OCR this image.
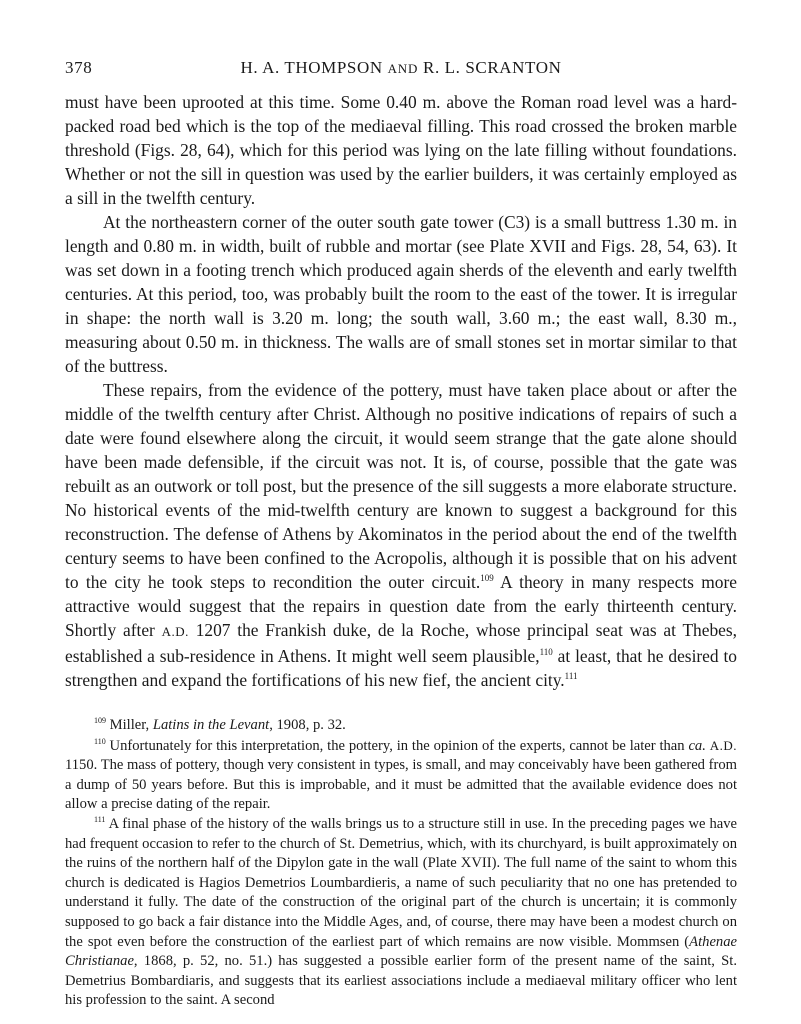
378	H. A. THOMPSON AND R. L. SCRANTON

must have been uprooted at this time. Some 0.40 m. above the Roman road level was a hard-packed road bed which is the top of the mediaeval filling. This road crossed the broken marble threshold (Figs. 28, 64), which for this period was lying on the late filling without foundations. Whether or not the sill in question was used by the earlier builders, it was certainly employed as a sill in the twelfth century.

At the northeastern corner of the outer south gate tower (C3) is a small buttress 1.30 m. in length and 0.80 m. in width, built of rubble and mortar (see Plate XVII and Figs. 28, 54, 63). It was set down in a footing trench which produced again sherds of the eleventh and early twelfth centuries. At this period, too, was probably built the room to the east of the tower. It is irregular in shape: the north wall is 3.20 m. long; the south wall, 3.60 m.; the east wall, 8.30 m., measuring about 0.50 m. in thickness. The walls are of small stones set in mortar similar to that of the buttress.

These repairs, from the evidence of the pottery, must have taken place about or after the middle of the twelfth century after Christ. Although no positive indications of repairs of such a date were found elsewhere along the circuit, it would seem strange that the gate alone should have been made defensible, if the circuit was not. It is, of course, possible that the gate was rebuilt as an outwork or toll post, but the presence of the sill suggests a more elaborate structure. No historical events of the mid-twelfth century are known to suggest a background for this reconstruction. The defense of Athens by Akominatos in the period about the end of the twelfth century seems to have been confined to the Acropolis, although it is possible that on his advent to the city he took steps to recondition the outer circuit.$^{109}$ A theory in many respects more attractive would suggest that the repairs in question date from the early thirteenth century. Shortly after A.D. 1207 the Frankish duke, de la Roche, whose principal seat was at Thebes, established a sub-residence in Athens. It might well seem plausible,$^{110}$ at least, that he desired to strengthen and expand the fortifications of his new fief, the ancient city.$^{111}$

$^{109}$ Miller, Latins in the Levant, 1908, p. 32.

$^{110}$ Unfortunately for this interpretation, the pottery, in the opinion of the experts, cannot be later than ca. A.D. 1150. The mass of pottery, though very consistent in types, is small, and may conceivably have been gathered from a dump of 50 years before. But this is improbable, and it must be admitted that the available evidence does not allow a precise dating of the repair.

$^{111}$ A final phase of the history of the walls brings us to a structure still in use. In the preceding pages we have had frequent occasion to refer to the church of St. Demetrius, which, with its churchyard, is built approximately on the ruins of the northern half of the Dipylon gate in the wall (Plate XVII). The full name of the saint to whom this church is dedicated is Hagios Demetrios Loumbardieris, a name of such peculiarity that no one has pretended to understand it fully. The date of the construction of the original part of the church is uncertain; it is commonly supposed to go back a fair distance into the Middle Ages, and, of course, there may have been a modest church on the spot even before the construction of the earliest part of which remains are now visible. Mommsen (Athenae Christianae, 1868, p. 52, no. 51.) has suggested a possible earlier form of the present name of the saint, St. Demetrius Bombardiaris, and suggests that its earliest associations include a mediaeval military officer who lent his profession to the saint. A second
